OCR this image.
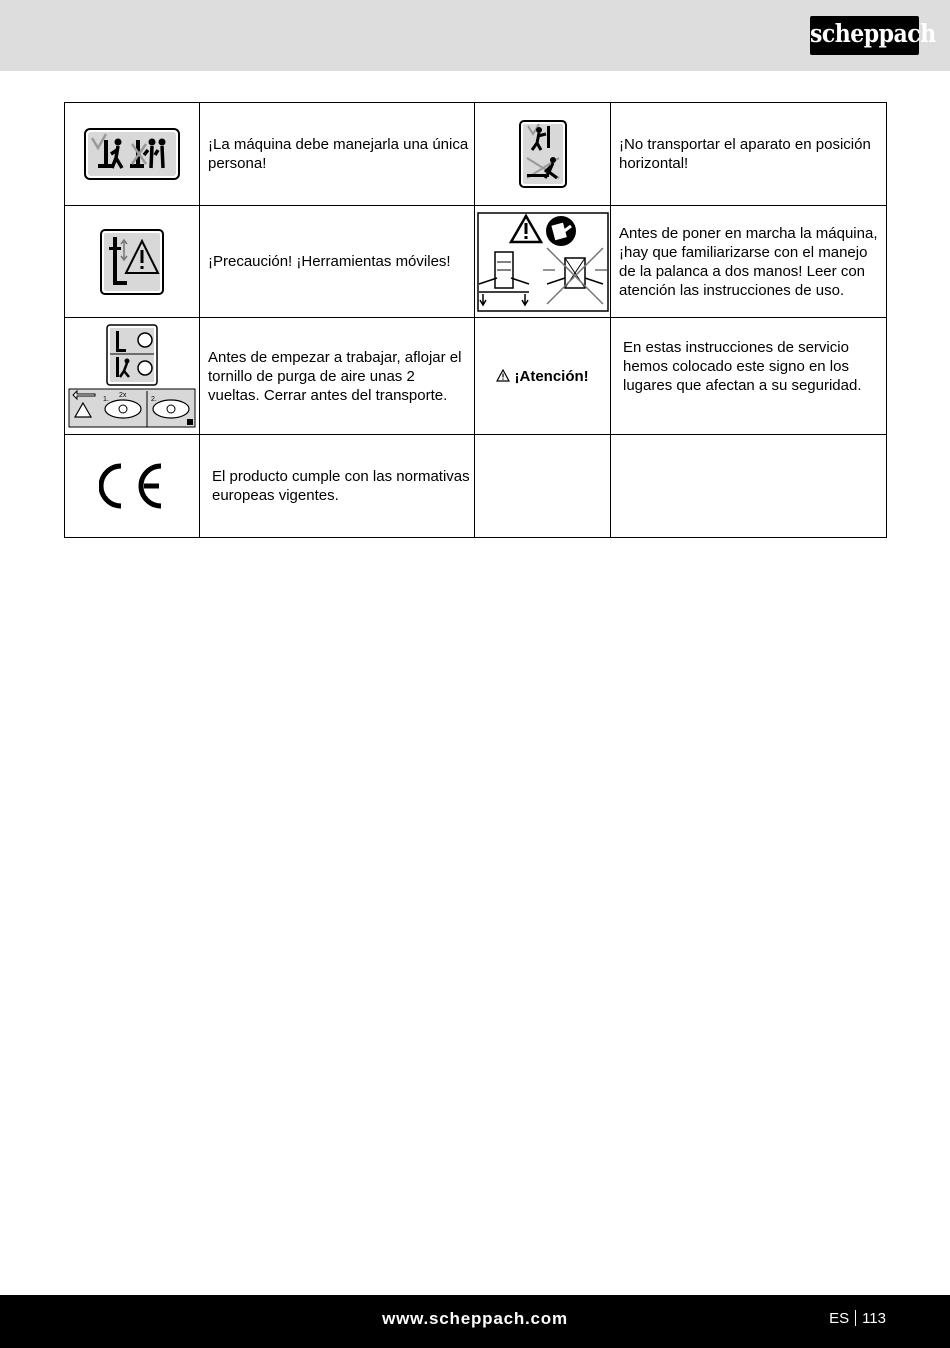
scheppach
	¡La máquina debe manejarla una única persona!		¡No transportar el aparato en posición horizontal!
	¡Precaución! ¡Herramientas móviles!		Antes de poner en marcha la máquina, ¡hay que familiarizarse con el manejo de la palanca a dos manos! Leer con atención las instrucciones de uso.

1.
2x
2.	Antes de empezar a trabajar, aflojar el tornillo de purga de aire unas 2 vueltas. Cerrar antes del transporte.	¡Atención!	En estas instrucciones de servicio hemos colocado este signo en los lugares que afectan a su seguridad.
	El producto cumple con las normativas europeas vigentes.		
www.scheppach.com	ES 113
